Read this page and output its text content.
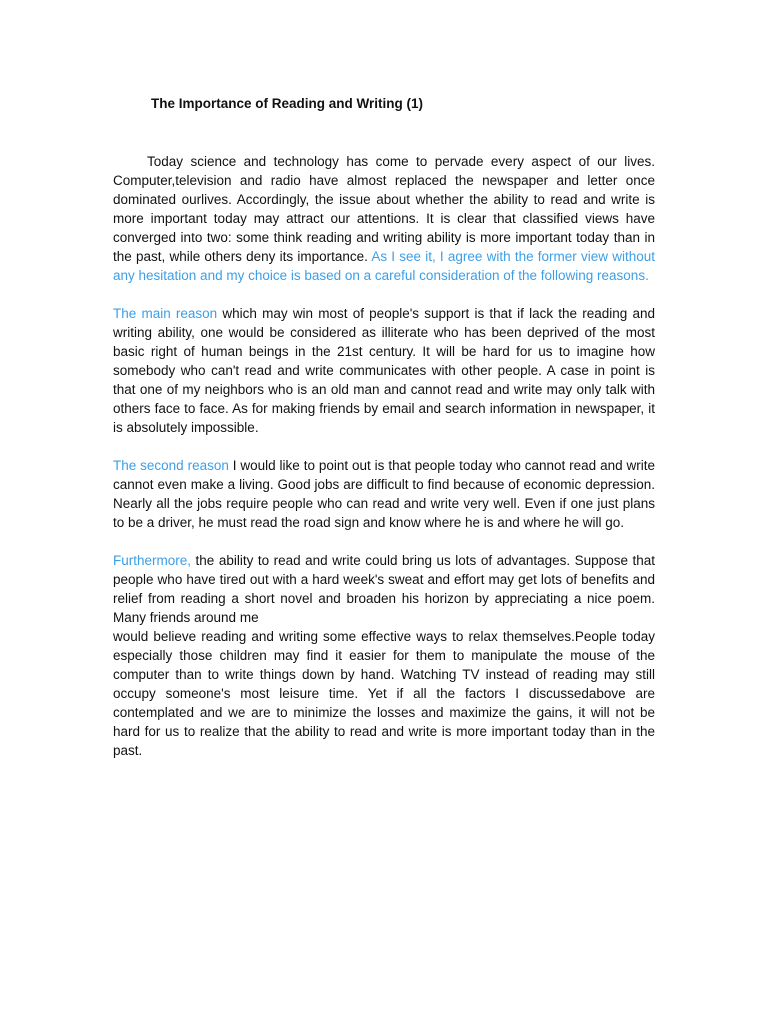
The Importance of Reading and Writing (1)

Today science and technology has come to pervade every aspect of our lives. Computer,television and radio have almost replaced the newspaper and letter once dominated ourlives. Accordingly, the issue about whether the ability to read and write is more important today may attract our attentions. It is clear that classified views have converged into two: some think reading and writing ability is more important today than in the past, while others deny its importance. As I see it, I agree with the former view without any hesitation and my choice is based on a careful consideration of the following reasons.

The main reason which may win most of people's support is that if lack the reading and writing ability, one would be considered as illiterate who has been deprived of the most basic right of human beings in the 21st century. It will be hard for us to imagine how somebody who can't read and write communicates with other people. A case in point is that one of my neighbors who is an old man and cannot read and write may only talk with others face to face. As for making friends by email and search information in newspaper, it is absolutely impossible.

The second reason I would like to point out is that people today who cannot read and write cannot even make a living. Good jobs are difficult to find because of economic depression. Nearly all the jobs require people who can read and write very well. Even if one just plans to be a driver, he must read the road sign and know where he is and where he will go.

Furthermore, the ability to read and write could bring us lots of advantages. Suppose that people who have tired out with a hard week's sweat and effort may get lots of benefits and relief from reading a short novel and broaden his horizon by appreciating a nice poem. Many friends around me

would believe reading and writing some effective ways to relax themselves.People today especially those children may find it easier for them to manipulate the mouse of the computer than to write things down by hand. Watching TV instead of reading may still occupy someone's most leisure time. Yet if all the factors I discussedabove are contemplated and we are to minimize the losses and maximize the gains, it will not be hard for us to realize that the ability to read and write is more important today than in the past.
